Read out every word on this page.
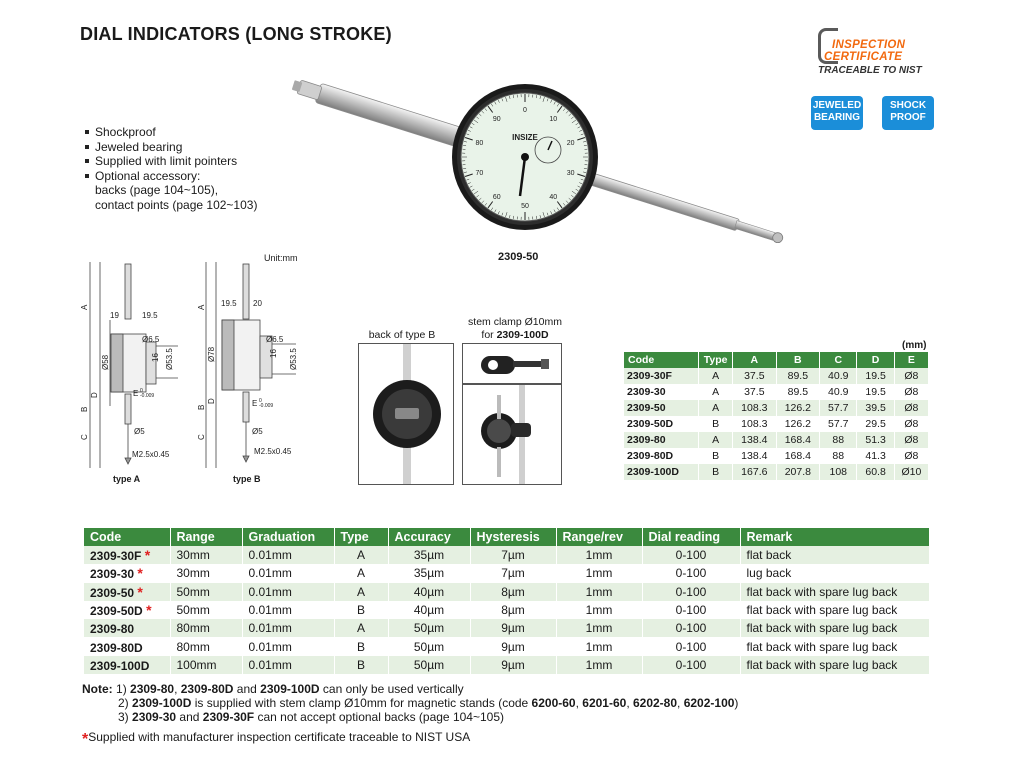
DIAL INDICATORS (LONG STROKE)
INSPECTION
CERTIFICATE
TRACEABLE TO NIST
JEWELED
BEARING
SHOCK
PROOF
Shockproof
Jeweled bearing
Supplied with limit pointers
Optional accessory:
backs (page 104~105),
contact points (page 102~103)
0
10
20
30
40
50
60
70
80
90
INSIZE
2309-50
Unit:mm
A
B
C
D
Ø58
19	19.5
Ø6.5
16 Ø53.5
E 0
-0.009
Ø5
M2.5x0.45
type A
A
B
C
D
Ø78
19.5 20
Ø6.5
16 Ø53.5
E 0
-0.009
Ø5
M2.5x0.45
type B
back of type B
stem clamp Ø10mm
for 2309-100D
(mm)
Code	Type	A	B	C	D	E
2309-30F	A	37.5	89.5	40.9	19.5	Ø8
2309-30	A	37.5	89.5	40.9	19.5	Ø8
2309-50	A	108.3	126.2	57.7	39.5	Ø8
2309-50D	B	108.3	126.2	57.7	29.5	Ø8
2309-80	A	138.4	168.4	88	51.3	Ø8
2309-80D	B	138.4	168.4	88	41.3	Ø8
2309-100D	B	167.6	207.8	108	60.8	Ø10
Code	Range	Graduation	Type	Accuracy	Hysteresis	Range/rev	Dial reading	Remark
2309-30F *	30mm	0.01mm	A	35µm	7µm	1mm	0-100	flat back
2309-30 *	30mm	0.01mm	A	35µm	7µm	1mm	0-100	lug back
2309-50 *	50mm	0.01mm	A	40µm	8µm	1mm	0-100	flat back with spare lug back
2309-50D *	50mm	0.01mm	B	40µm	8µm	1mm	0-100	flat back with spare lug back
2309-80	80mm	0.01mm	A	50µm	9µm	1mm	0-100	flat back with spare lug back
2309-80D	80mm	0.01mm	B	50µm	9µm	1mm	0-100	flat back with spare lug back
2309-100D	100mm	0.01mm	B	50µm	9µm	1mm	0-100	flat back with spare lug back
Note: 1) 2309-80, 2309-80D and 2309-100D can only be used vertically
2) 2309-100D is supplied with stem clamp Ø10mm for magnetic stands (code 6200-60, 6201-60, 6202-80, 6202-100)
3) 2309-30 and 2309-30F can not accept optional backs (page 104~105)
*Supplied with manufacturer inspection certificate traceable to NIST USA
